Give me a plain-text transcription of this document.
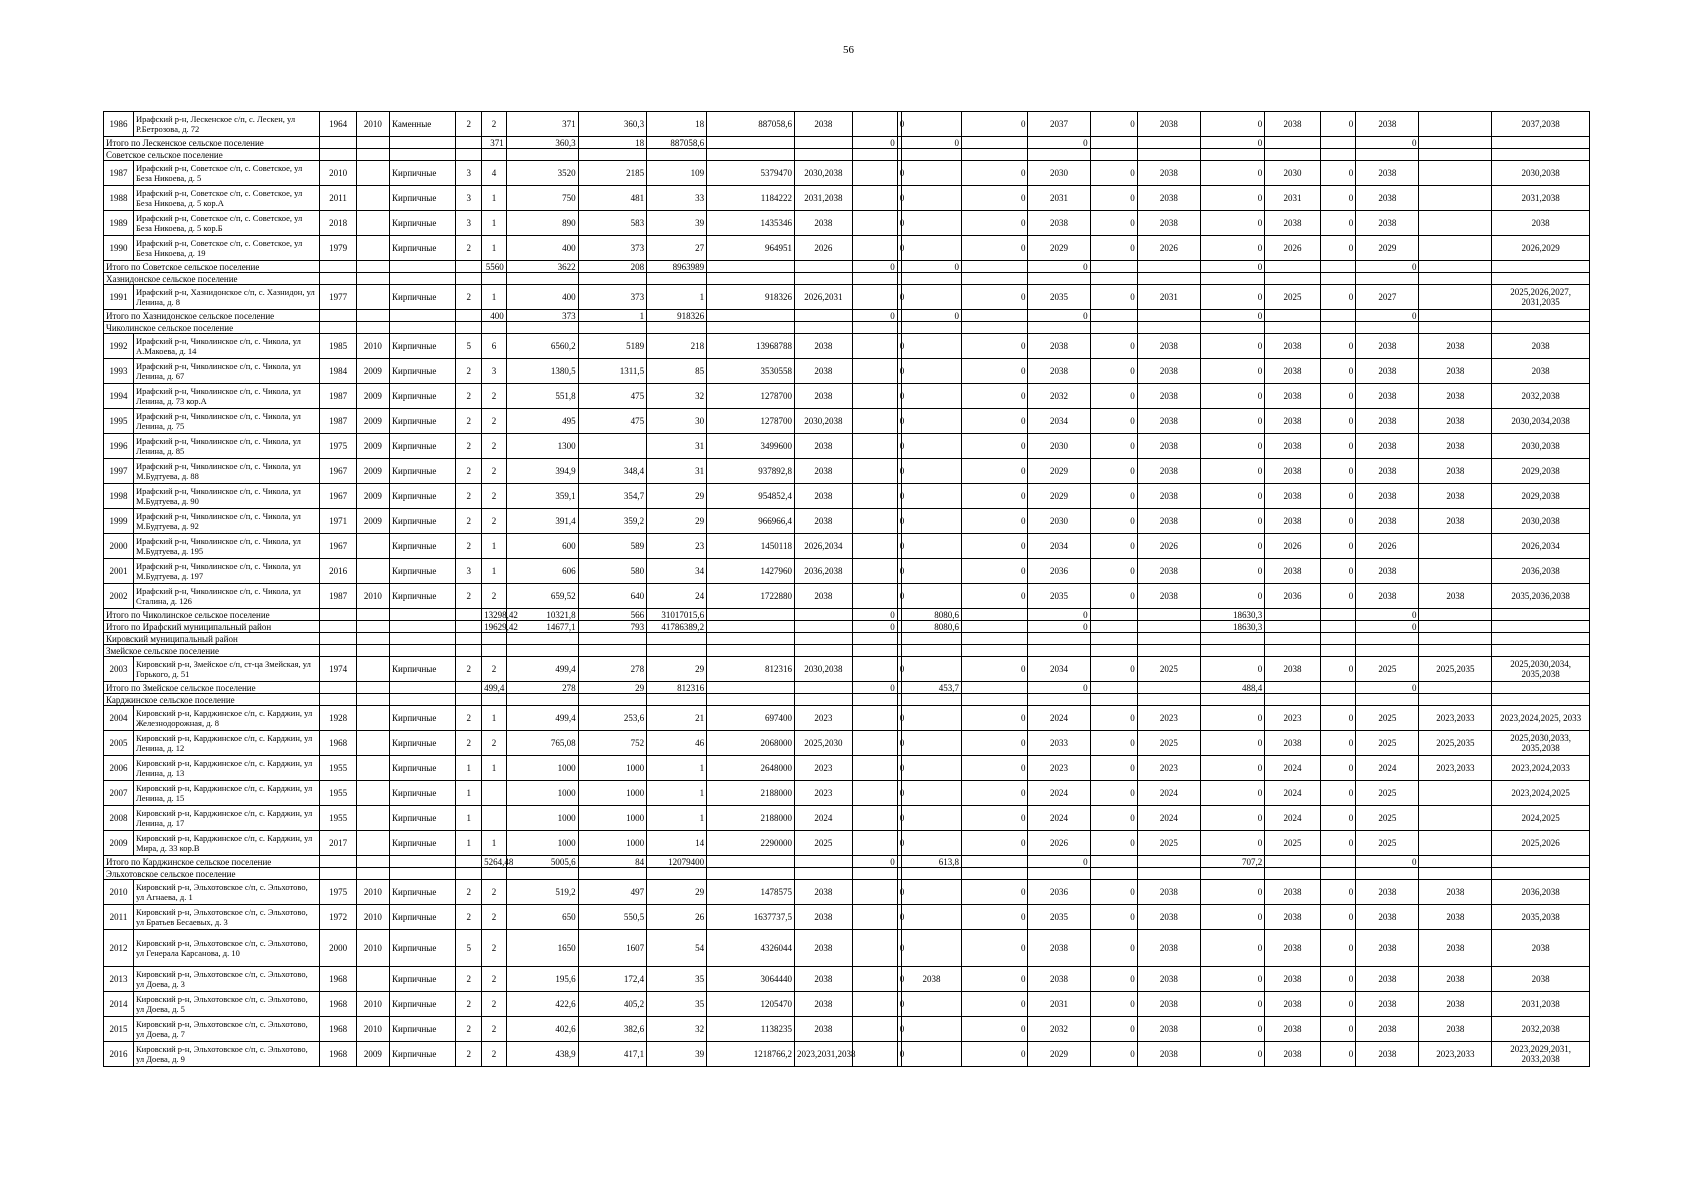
56
1986	Ирафский р-н, Лескенское с/п, с. Лескен, ул Р.Бетрозова, д. 72	1964	2010	Каменные	2	2	371	360,3	18	887058,6	2038		0		0	2037	0	2038	0	2038	0	2038		2037,2038
Итого по Лескенское сельское поселение						371	360,3	18	887058,6			0		0		0			0			0		
Советское сельское поселение																								
1987	Ирафский р-н, Советское с/п, с. Советское, ул Беза Никоева, д. 5	2010		Кирпичные	3	4	3520	2185	109	5379470	2030,2038		0		0	2030	0	2038	0	2030	0	2038		2030,2038
1988	Ирафский р-н, Советское с/п, с. Советское, ул Беза Никоева, д. 5 кор.А	2011		Кирпичные	3	1	750	481	33	1184222	2031,2038		0		0	2031	0	2038	0	2031	0	2038		2031,2038
1989	Ирафский р-н, Советское с/п, с. Советское, ул Беза Никоева, д. 5 кор.Б	2018		Кирпичные	3	1	890	583	39	1435346	2038		0		0	2038	0	2038	0	2038	0	2038		2038
1990	Ирафский р-н, Советское с/п, с. Советское, ул Беза Никоева, д. 19	1979		Кирпичные	2	1	400	373	27	964951	2026		0		0	2029	0	2026	0	2026	0	2029		2026,2029
Итого по Советское сельское поселение						5560	3622	208	8963989			0		0		0			0			0		
Хазнидонское сельское поселение																								
1991	Ирафский р-н, Хазнидонское с/п, с. Хазнидон, ул Ленина, д. 8	1977		Кирпичные	2	1	400	373	1	918326	2026,2031		0		0	2035	0	2031	0	2025	0	2027		2025,2026,2027, 2031,2035
Итого по Хазнидонское сельское поселение						400	373	1	918326			0		0		0			0			0		
Чиколинское сельское поселение																								
1992	Ирафский р-н, Чиколинское с/п, с. Чикола, ул А.Макоева, д. 14	1985	2010	Кирпичные	5	6	6560,2	5189	218	13968788	2038		0		0	2038	0	2038	0	2038	0	2038	2038	2038
1993	Ирафский р-н, Чиколинское с/п, с. Чикола, ул Ленина, д. 67	1984	2009	Кирпичные	2	3	1380,5	1311,5	85	3530558	2038		0		0	2038	0	2038	0	2038	0	2038	2038	2038
1994	Ирафский р-н, Чиколинское с/п, с. Чикола, ул Ленина, д. 73 кор.А	1987	2009	Кирпичные	2	2	551,8	475	32	1278700	2038		0		0	2032	0	2038	0	2038	0	2038	2038	2032,2038
1995	Ирафский р-н, Чиколинское с/п, с. Чикола, ул Ленина, д. 75	1987	2009	Кирпичные	2	2	495	475	30	1278700	2030,2038		0		0	2034	0	2038	0	2038	0	2038	2038	2030,2034,2038
1996	Ирафский р-н, Чиколинское с/п, с. Чикола, ул Ленина, д. 85	1975	2009	Кирпичные	2	2	1300		31	3499600	2038		0		0	2030	0	2038	0	2038	0	2038	2038	2030,2038
1997	Ирафский р-н, Чиколинское с/п, с. Чикола, ул М.Будтуева, д. 88	1967	2009	Кирпичные	2	2	394,9	348,4	31	937892,8	2038		0		0	2029	0	2038	0	2038	0	2038	2038	2029,2038
1998	Ирафский р-н, Чиколинское с/п, с. Чикола, ул М.Будтуева, д. 90	1967	2009	Кирпичные	2	2	359,1	354,7	29	954852,4	2038		0		0	2029	0	2038	0	2038	0	2038	2038	2029,2038
1999	Ирафский р-н, Чиколинское с/п, с. Чикола, ул М.Будтуева, д. 92	1971	2009	Кирпичные	2	2	391,4	359,2	29	966966,4	2038		0		0	2030	0	2038	0	2038	0	2038	2038	2030,2038
2000	Ирафский р-н, Чиколинское с/п, с. Чикола, ул М.Будтуева, д. 195	1967		Кирпичные	2	1	600	589	23	1450118	2026,2034		0		0	2034	0	2026	0	2026	0	2026		2026,2034
2001	Ирафский р-н, Чиколинское с/п, с. Чикола, ул М.Будтуева, д. 197	2016		Кирпичные	3	1	606	580	34	1427960	2036,2038		0		0	2036	0	2038	0	2038	0	2038		2036,2038
2002	Ирафский р-н, Чиколинское с/п, с. Чикола, ул Сталина, д. 126	1987	2010	Кирпичные	2	2	659,52	640	24	1722880	2038		0		0	2035	0	2038	0	2036	0	2038	2038	2035,2036,2038
Итого по Чиколинское сельское поселение						13298,42	10321,8	566	31017015,6			0		8080,6		0			18630,3			0		
Итого по Ирафский муниципальный район						19629,42	14677,1	793	41786389,2			0		8080,6		0			18630,3			0		
Кировский муниципальный район																								
Змейское сельское поселение																								
2003	Кировский р-н, Змейское с/п, ст-ца Змейская, ул Горького, д. 51	1974		Кирпичные	2	2	499,4	278	29	812316	2030,2038		0		0	2034	0	2025	0	2038	0	2025	2025,2035	2025,2030,2034, 2035,2038
Итого по Змейское сельское поселение						499,4	278	29	812316			0		453,7		0			488,4			0		
Карджинское сельское поселение																								
2004	Кировский р-н, Карджинское с/п, с. Карджин, ул Железнодорожная, д. 8	1928		Кирпичные	2	1	499,4	253,6	21	697400	2023		0		0	2024	0	2023	0	2023	0	2025	2023,2033	2023,2024,2025, 2033
2005	Кировский р-н, Карджинское с/п, с. Карджин, ул Ленина, д. 12	1968		Кирпичные	2	2	765,08	752	46	2068000	2025,2030		0		0	2033	0	2025	0	2038	0	2025	2025,2035	2025,2030,2033, 2035,2038
2006	Кировский р-н, Карджинское с/п, с. Карджин, ул Ленина, д. 13	1955		Кирпичные	1	1	1000	1000	1	2648000	2023		0		0	2023	0	2023	0	2024	0	2024	2023,2033	2023,2024,2033
2007	Кировский р-н, Карджинское с/п, с. Карджин, ул Ленина, д. 15	1955		Кирпичные	1		1000	1000	1	2188000	2023		0		0	2024	0	2024	0	2024	0	2025		2023,2024,2025
2008	Кировский р-н, Карджинское с/п, с. Карджин, ул Ленина, д. 17	1955		Кирпичные	1		1000	1000	1	2188000	2024		0		0	2024	0	2024	0	2024	0	2025		2024,2025
2009	Кировский р-н, Карджинское с/п, с. Карджин, ул Мира, д. 33 кор.В	2017		Кирпичные	1	1	1000	1000	14	2290000	2025		0		0	2026	0	2025	0	2025	0	2025		2025,2026
Итого по Карджинское сельское поселение						5264,48	5005,6	84	12079400			0		613,8		0			707,2			0		
Эльхотовское сельское поселение																								
2010	Кировский р-н, Эльхотовское с/п, с. Эльхотово, ул Агнаева, д. 1	1975	2010	Кирпичные	2	2	519,2	497	29	1478575	2038		0		0	2036	0	2038	0	2038	0	2038	2038	2036,2038
2011	Кировский р-н, Эльхотовское с/п, с. Эльхотово, ул Братьев Бесаевых, д. 3	1972	2010	Кирпичные	2	2	650	550,5	26	1637737,5	2038		0		0	2035	0	2038	0	2038	0	2038	2038	2035,2038
2012	Кировский р-н, Эльхотовское с/п, с. Эльхотово, ул Генерала Карсанова, д. 10	2000	2010	Кирпичные	5	2	1650	1607	54	4326044	2038		0		0	2038	0	2038	0	2038	0	2038	2038	2038
2013	Кировский р-н, Эльхотовское с/п, с. Эльхотово, ул Доева, д. 3	1968		Кирпичные	2	2	195,6	172,4	35	3064440	2038		0	2038	0	2038	0	2038	0	2038	0	2038	2038	2038
2014	Кировский р-н, Эльхотовское с/п, с. Эльхотово, ул Доева, д. 5	1968	2010	Кирпичные	2	2	422,6	405,2	35	1205470	2038		0		0	2031	0	2038	0	2038	0	2038	2038	2031,2038
2015	Кировский р-н, Эльхотовское с/п, с. Эльхотово, ул Доева, д. 7	1968	2010	Кирпичные	2	2	402,6	382,6	32	1138235	2038		0		0	2032	0	2038	0	2038	0	2038	2038	2032,2038
2016	Кировский р-н, Эльхотовское с/п, с. Эльхотово, ул Доева, д. 9	1968	2009	Кирпичные	2	2	438,9	417,1	39	1218766,2	2023,2031,2038		0		0	2029	0	2038	0	2038	0	2038	2023,2033	2023,2029,2031, 2033,2038
